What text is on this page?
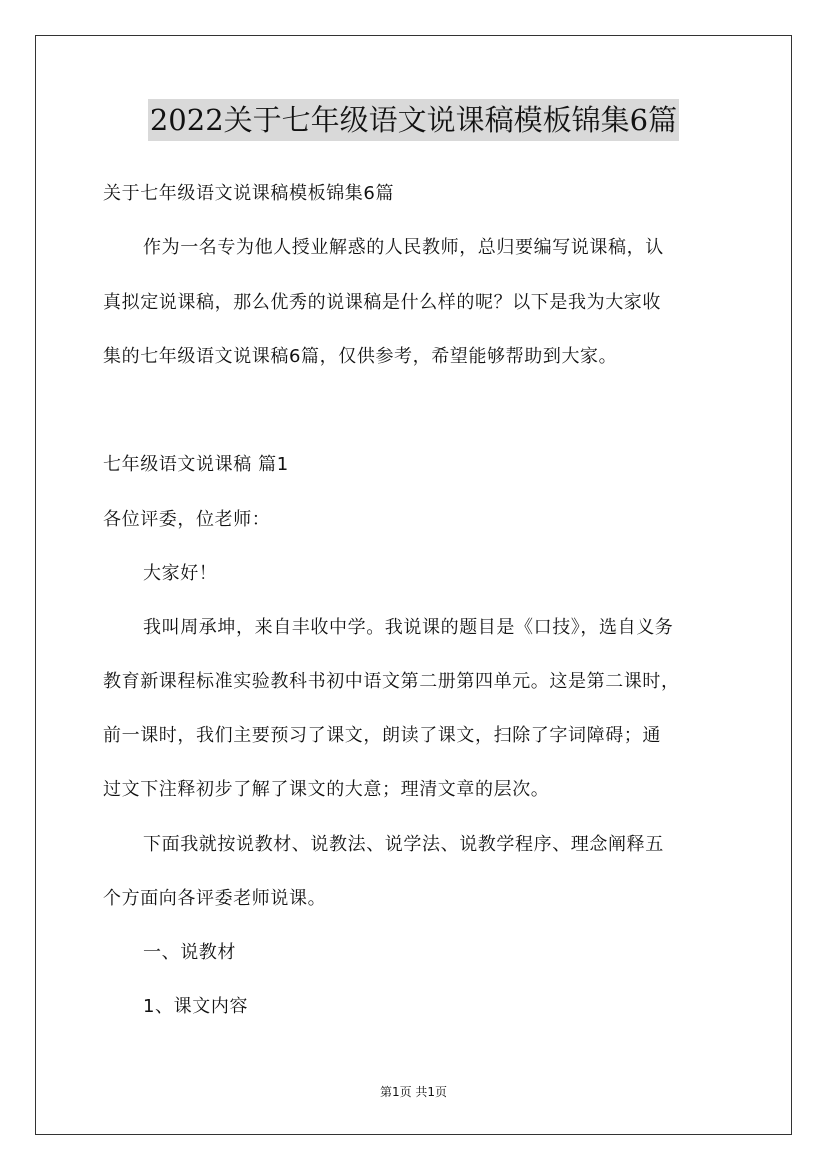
2022关于七年级语文说课稿模板锦集6篇
关于七年级语文说课稿模板锦集6篇
作为一名专为他人授业解惑的人民教师，总归要编写说课稿，认
真拟定说课稿，那么优秀的说课稿是什么样的呢？以下是我为大家收
集的七年级语文说课稿6篇，仅供参考，希望能够帮助到大家。
七年级语文说课稿 篇1
各位评委，位老师：
大家好！
我叫周承坤，来自丰收中学。我说课的题目是《口技》，选自义务
教育新课程标准实验教科书初中语文第二册第四单元。这是第二课时，
前一课时，我们主要预习了课文，朗读了课文，扫除了字词障碍；通
过文下注释初步了解了课文的大意；理清文章的层次。
下面我就按说教材、说教法、说学法、说教学程序、理念阐释五
个方面向各评委老师说课。
一、说教材
1、课文内容
第1页 共1页
